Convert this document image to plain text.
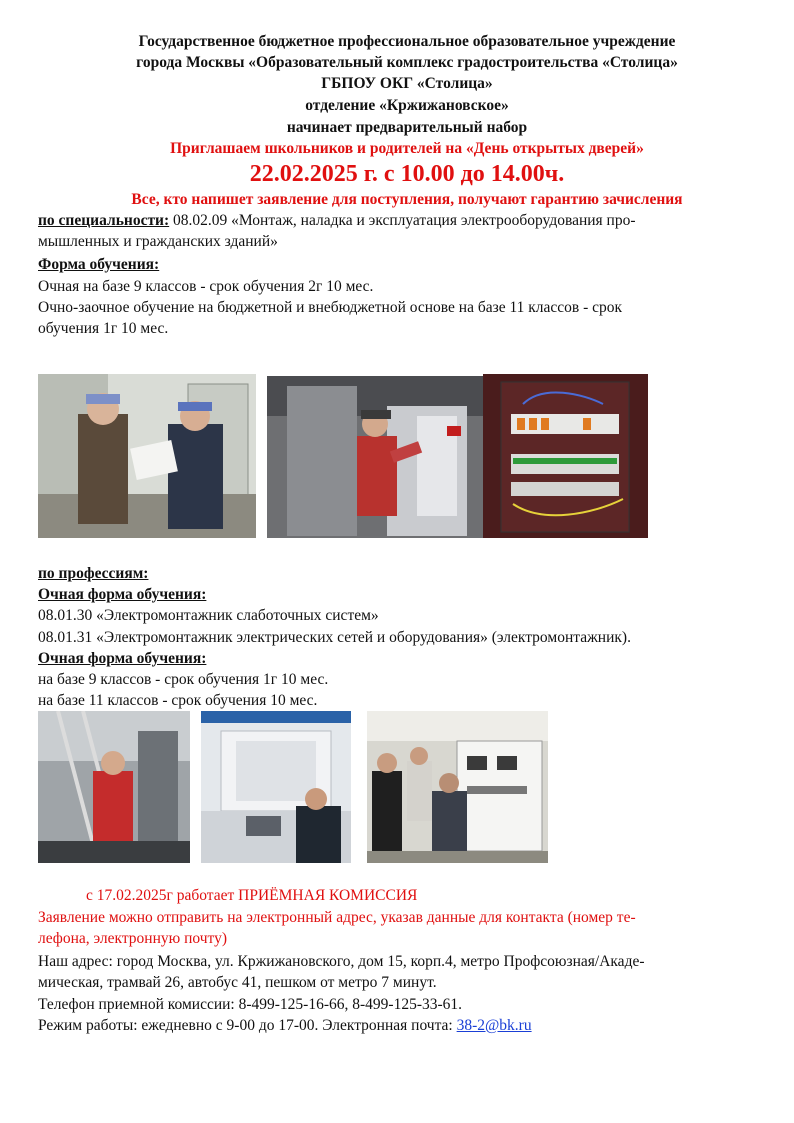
Государственное бюджетное профессиональное образовательное учреждение
города Москвы «Образовательный комплекс градостроительства «Столица»
ГБПОУ ОКГ «Столица»
отделение «Кржижановское»
начинает предварительный набор
Приглашаем школьников и родителей на «День открытых дверей»
22.02.2025 г. с 10.00 до 14.00ч.
Все, кто напишет заявление для поступления, получают гарантию зачисления
по специальности: 08.02.09 «Монтаж, наладка и эксплуатация электрооборудования про-
мышленных и гражданских зданий»
Форма обучения:
Очная на базе 9 классов - срок обучения 2г 10 мес.
Очно-заочное обучение на бюджетной и внебюджетной основе на базе 11 классов - срок
обучения 1г 10 мес.
по профессиям:
Очная форма обучения:
08.01.30 «Электромонтажник слаботочных систем»
08.01.31 «Электромонтажник электрических сетей и оборудования» (электромонтажник).
Очная форма обучения:
на базе 9 классов - срок обучения 1г 10 мес.
на базе 11 классов - срок обучения 10 мес.
с 17.02.2025г работает ПРИЁМНАЯ КОМИССИЯ
Заявление можно отправить на электронный адрес, указав данные для контакта (номер те-
лефона, электронную почту)
Наш адрес: город Москва, ул. Кржижановского, дом 15, корп.4, метро Профсоюзная/Акаде-
мическая, трамвай 26, автобус 41, пешком от метро 7 минут.
Телефон приемной комиссии: 8-499-125-16-66, 8-499-125-33-61.
Режим работы: ежедневно с 9-00 до 17-00. Электронная почта: 38-2@bk.ru
